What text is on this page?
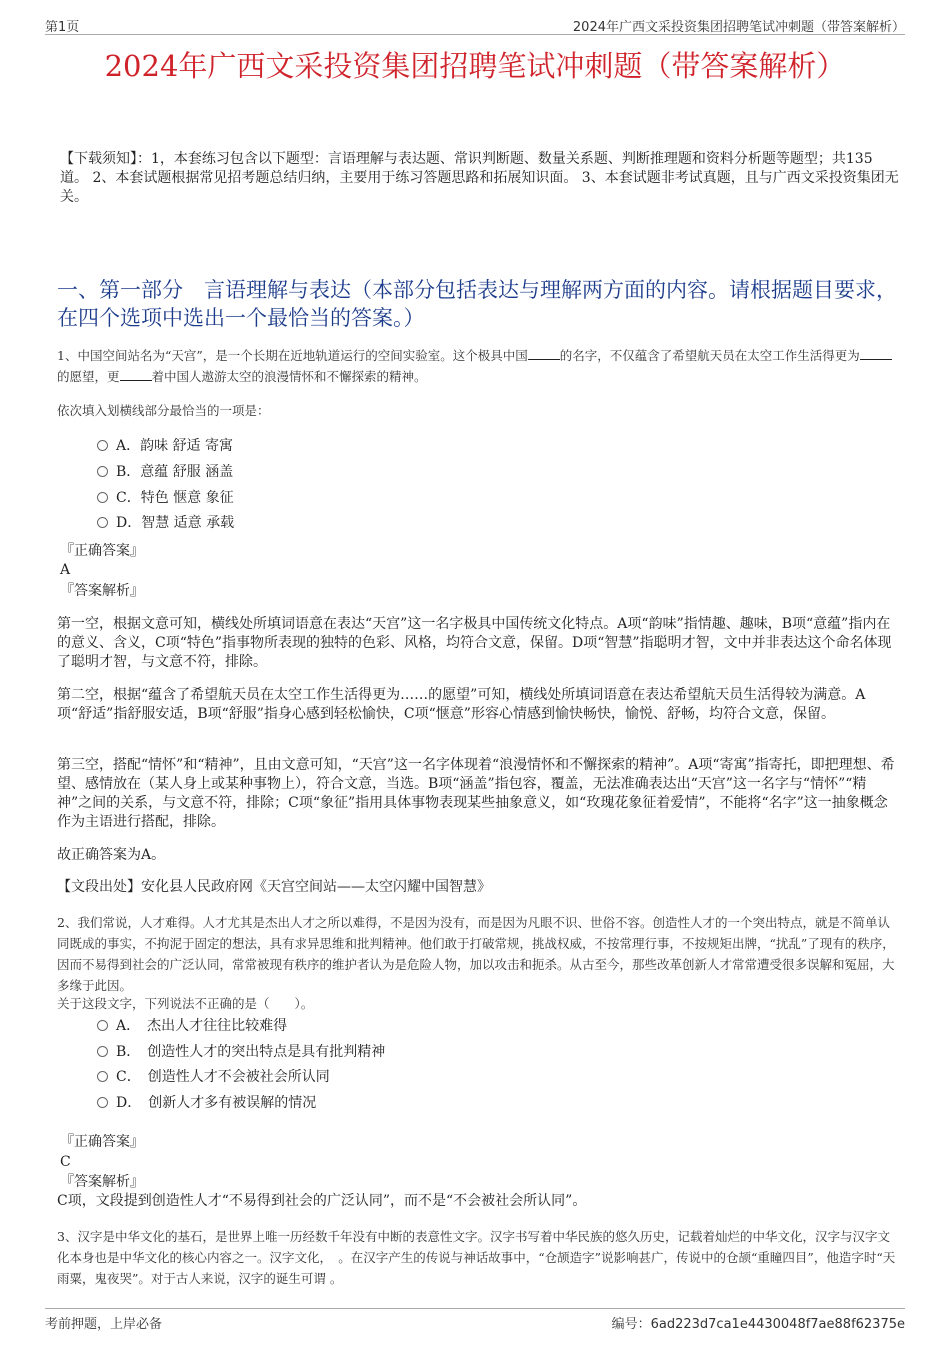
第1页	2024年广西文采投资集团招聘笔试冲刺题（带答案解析）
2024年广西文采投资集团招聘笔试冲刺题（带答案解析）
【下载须知】：1，本套练习包含以下题型：言语理解与表达题、常识判断题、数量关系题、判断推理题和资料分析题等题型；共135道。 2、本套试题根据常见招考题总结归纳，主要用于练习答题思路和拓展知识面。 3、本套试题非考试真题，且与广西文采投资集团无关。
一、第一部分　言语理解与表达（本部分包括表达与理解两方面的内容。请根据题目要求，在四个选项中选出一个最恰当的答案。）
1、中国空间站名为“天宫”，是一个长期在近地轨道运行的空间实验室。这个极具中国	的名字，不仅蕴含了希望航天员在太空工作生活得更为的愿望，更	着中国人遨游太空的浪漫情怀和不懈探索的精神。
依次填入划横线部分最恰当的一项是：
A．韵味 舒适 寄寓
B．意蕴 舒服 涵盖
C．特色 惬意 象征
D．智慧 适意 承载
『正确答案』
A
『答案解析』
第一空，根据文意可知，横线处所填词语意在表达“天宫”这一名字极具中国传统文化特点。A项“韵味”指情趣、趣味，B项“意蕴”指内在的意义、含义，C项“特色”指事物所表现的独特的色彩、风格，均符合文意，保留。D项“智慧”指聪明才智，文中并非表达这个命名体现了聪明才智，与文意不符，排除。
第二空，根据“蕴含了希望航天员在太空工作生活得更为……的愿望”可知，横线处所填词语意在表达希望航天员生活得较为满意。A项“舒适”指舒服安适，B项“舒服”指身心感到轻松愉快，C项“惬意”形容心情感到愉快畅快，愉悦、舒畅，均符合文意，保留。
第三空，搭配“情怀”和“精神”，且由文意可知，“天宫”这一名字体现着“浪漫情怀和不懈探索的精神”。A项“寄寓”指寄托，即把理想、希望、感情放在（某人身上或某种事物上），符合文意，当选。B项“涵盖”指包容，覆盖，无法准确表达出“天宫”这一名字与“情怀”“精神”之间的关系，与文意不符，排除；C项“象征”指用具体事物表现某些抽象意义，如“玫瑰花象征着爱情”，不能将“名字”这一抽象概念作为主语进行搭配，排除。
故正确答案为A。
【文段出处】安化县人民政府网《天宫空间站——太空闪耀中国智慧》
2、我们常说，人才难得。人才尤其是杰出人才之所以难得，不是因为没有，而是因为凡眼不识、世俗不容。创造性人才的一个突出特点，就是不简单认同既成的事实，不拘泥于固定的想法，具有求异思维和批判精神。他们敢于打破常规，挑战权威，不按常理行事，不按规矩出牌，“扰乱”了现有的秩序，因而不易得到社会的广泛认同，常常被现有秩序的维护者认为是危险人物，加以攻击和扼杀。从古至今，那些改革创新人才常常遭受很多误解和冤屈，大多缘于此因。
关于这段文字，下列说法不正确的是（　　）。
A．　杰出人才往往比较难得
B．　创造性人才的突出特点是具有批判精神
C．　创造性人才不会被社会所认同
D．　创新人才多有被误解的情况
『正确答案』
C
『答案解析』
C项，文段提到创造性人才“不易得到社会的广泛认同”，而不是“不会被社会所认同”。
3、汉字是中华文化的基石，是世界上唯一历经数千年没有中断的表意性文字。汉字书写着中华民族的悠久历史，记载着灿烂的中华文化，汉字与汉字文化本身也是中华文化的核心内容之一。汉字文化，　。在汉字产生的传说与神话故事中，“仓颉造字”说影响甚广，传说中的仓颉“重瞳四目”，他造字时“天雨粟，鬼夜哭”。对于古人来说，汉字的诞生可谓 。
考前押题，上岸必备	编号：6ad223d7ca1e4430048f7ae88f62375e
